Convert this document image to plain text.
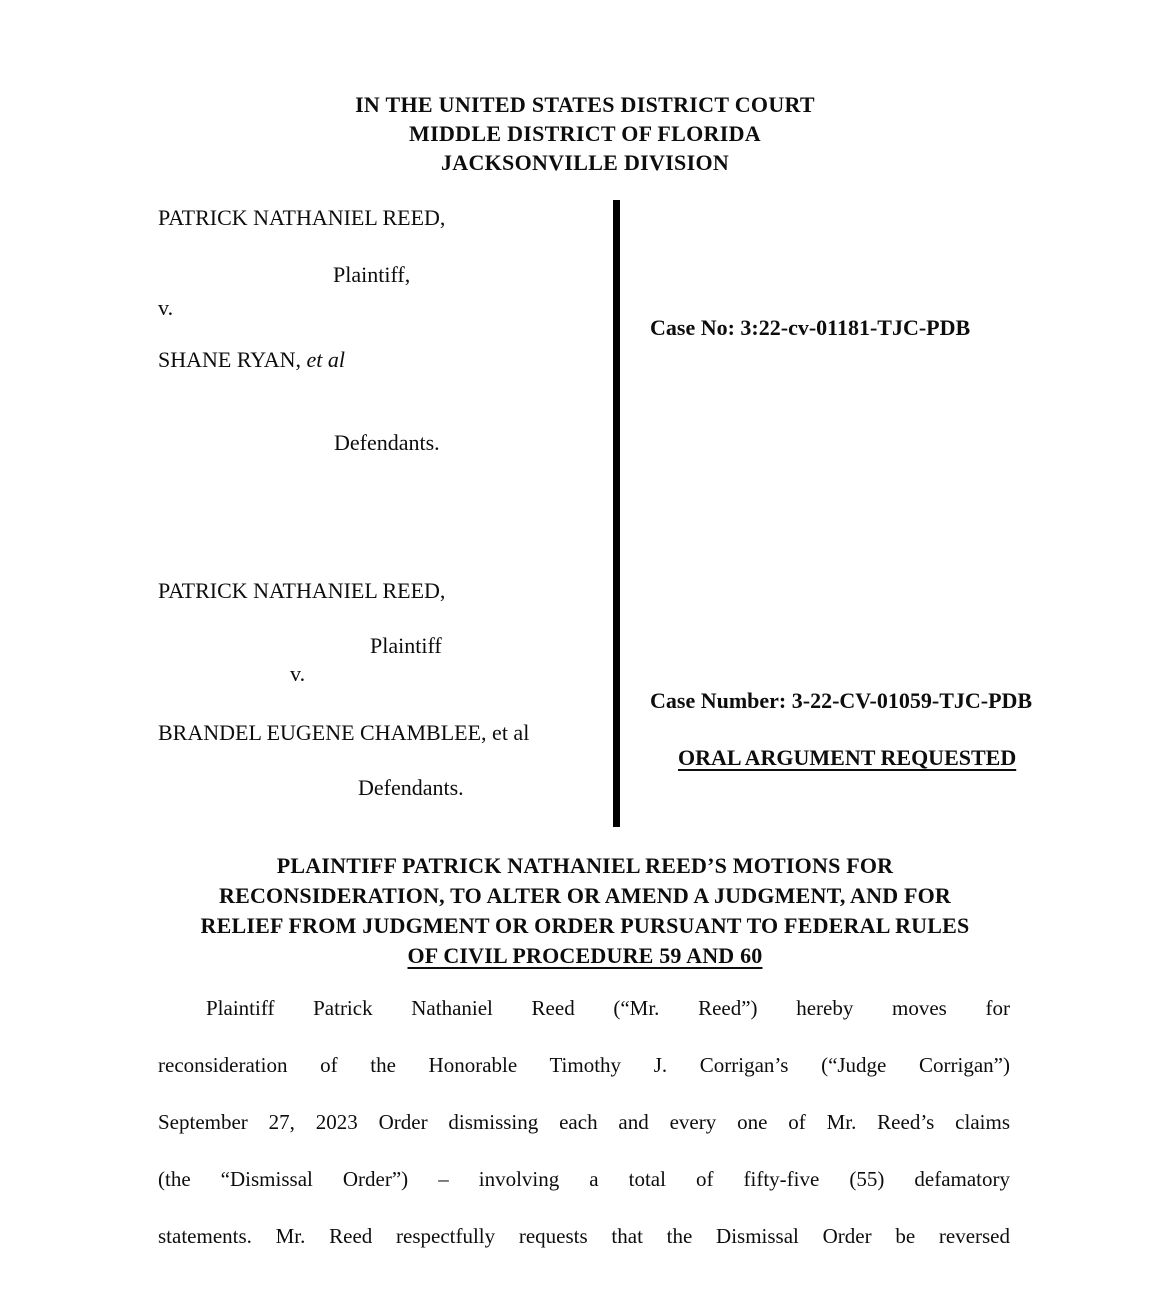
IN THE UNITED STATES DISTRICT COURT
MIDDLE DISTRICT OF FLORIDA
JACKSONVILLE DIVISION
PATRICK NATHANIEL REED,
Plaintiff,
v.
SHANE RYAN, et al
Defendants.
Case No: 3:22-cv-01181-TJC-PDB
PATRICK NATHANIEL REED,
Plaintiff
v.
BRANDEL EUGENE CHAMBLEE, et al
Defendants.
Case Number: 3-22-CV-01059-TJC-PDB
ORAL ARGUMENT REQUESTED
PLAINTIFF PATRICK NATHANIEL REED’S MOTIONS FOR
RECONSIDERATION, TO ALTER OR AMEND A JUDGMENT, AND FOR
RELIEF FROM JUDGMENT OR ORDER PURSUANT TO FEDERAL RULES
OF CIVIL PROCEDURE 59 AND 60
Plaintiff Patrick Nathaniel Reed (“Mr. Reed”) hereby moves for
reconsideration of the Honorable Timothy J. Corrigan’s (“Judge Corrigan”)
September 27, 2023 Order dismissing each and every one of Mr. Reed’s claims
(the “Dismissal Order”) – involving a total of fifty-five (55) defamatory
statements. Mr. Reed respectfully requests that the Dismissal Order be reversed
